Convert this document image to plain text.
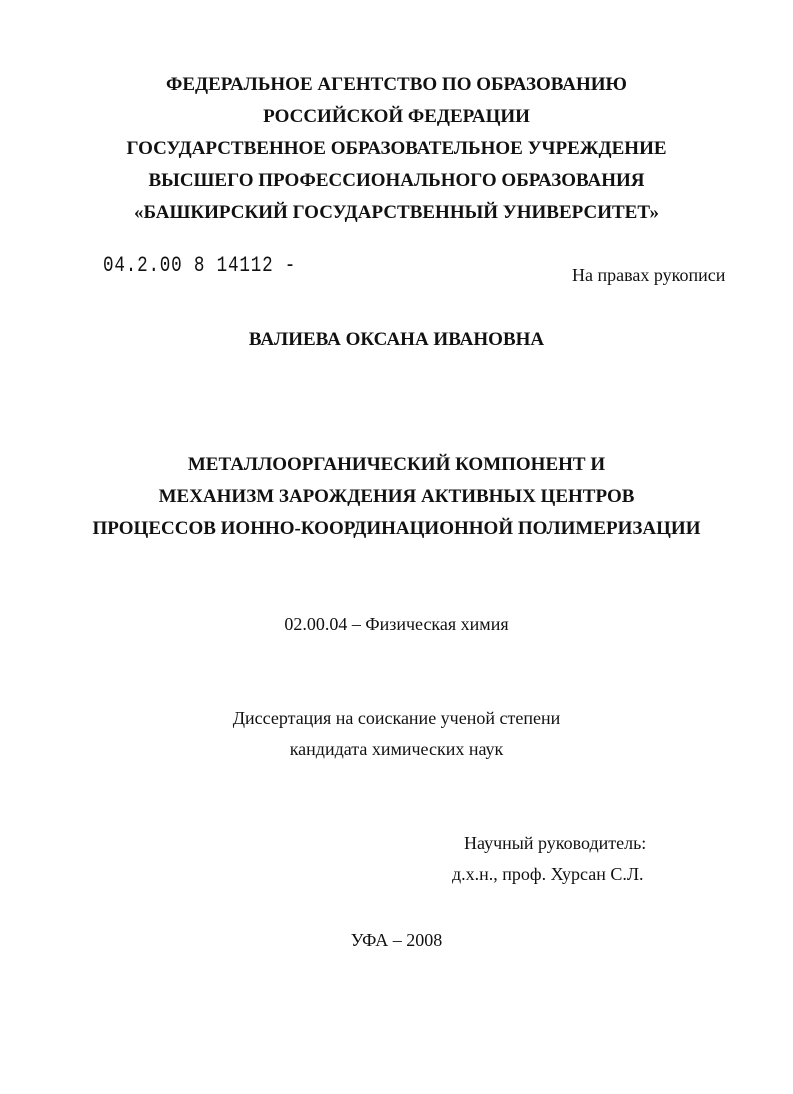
ФЕДЕРАЛЬНОЕ АГЕНТСТВО ПО ОБРАЗОВАНИЮ
РОССИЙСКОЙ ФЕДЕРАЦИИ
ГОСУДАРСТВЕННОЕ ОБРАЗОВАТЕЛЬНОЕ УЧРЕЖДЕНИЕ
ВЫСШЕГО ПРОФЕССИОНАЛЬНОГО ОБРАЗОВАНИЯ
«БАШКИРСКИЙ ГОСУДАРСТВЕННЫЙ УНИВЕРСИТЕТ»
04.2.00 8 14112 -	На правах рукописи
ВАЛИЕВА ОКСАНА ИВАНОВНА
МЕТАЛЛООРГАНИЧЕСКИЙ КОМПОНЕНТ И
МЕХАНИЗМ ЗАРОЖДЕНИЯ АКТИВНЫХ ЦЕНТРОВ
ПРОЦЕССОВ ИОННО-КООРДИНАЦИОННОЙ ПОЛИМЕРИЗАЦИИ
02.00.04 – Физическая химия
Диссертация на соискание ученой степени
кандидата химических наук
Научный руководитель:
д.х.н., проф. Хурсан С.Л.
УФА – 2008
